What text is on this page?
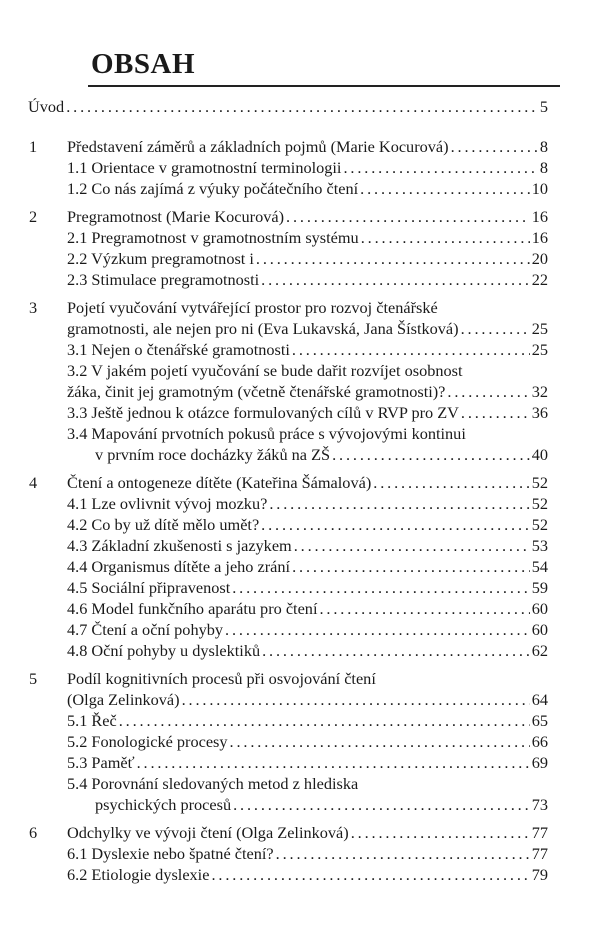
OBSAH
Úvod . . .	5
1 Představení záměrů a základních pojmů (Marie Kocurová) . . .	8
1.1 Orientace v gramotnostní terminologii . . .	8
1.2 Co nás zajímá z výuky počátečního čtení . . .	10
2 Pregramotnost (Marie Kocurová) . . .	16
2.1 Pregramotnost v gramotnostním systému . . .	16
2.2 Výzkum pregramotnost i . . .	20
2.3 Stimulace pregramotnosti . . .	22
3 Pojetí vyučování vytvářející prostor pro rozvoj čtenářské
gramotnosti, ale nejen pro ni (Eva Lukavská, Jana Šístková) . . .	25
3.1 Nejen o čtenářské gramotnosti . . .	25
3.2 V jakém pojetí vyučování se bude dařit rozvíjet osobnost
žáka, činit jej gramotným (včetně čtenářské gramotnosti)? . . .	32
3.3 Ještě jednou k otázce formulovaných cílů v RVP pro ZV . . .	36
3.4 Mapování prvotních pokusů práce s vývojovými kontinui
v prvním roce docházky žáků na ZŠ . . .	40
4 Čtení a ontogeneze dítěte (Kateřina Šámalová) . . .	52
4.1 Lze ovlivnit vývoj mozku? . . .	52
4.2 Co by už dítě mělo umět? . . .	52
4.3 Základní zkušenosti s jazykem . . .	53
4.4 Organismus dítěte a jeho zrání . . .	54
4.5 Sociální připravenost . . .	59
4.6 Model funkčního aparátu pro čtení . . .	60
4.7 Čtení a oční pohyby . . .	60
4.8 Oční pohyby u dyslektiků . . .	62
5 Podíl kognitivních procesů při osvojování čtení
(Olga Zelinková) . . .	64
5.1 Řeč . . .	65
5.2 Fonologické procesy . . .	66
5.3 Paměť . . .	69
5.4 Porovnání sledovaných metod z hlediska
psychických procesů . . .	73
6 Odchylky ve vývoji čtení (Olga Zelinková) . . .	77
6.1 Dyslexie nebo špatné čtení? . . .	77
6.2 Etiologie dyslexie . . .	79
